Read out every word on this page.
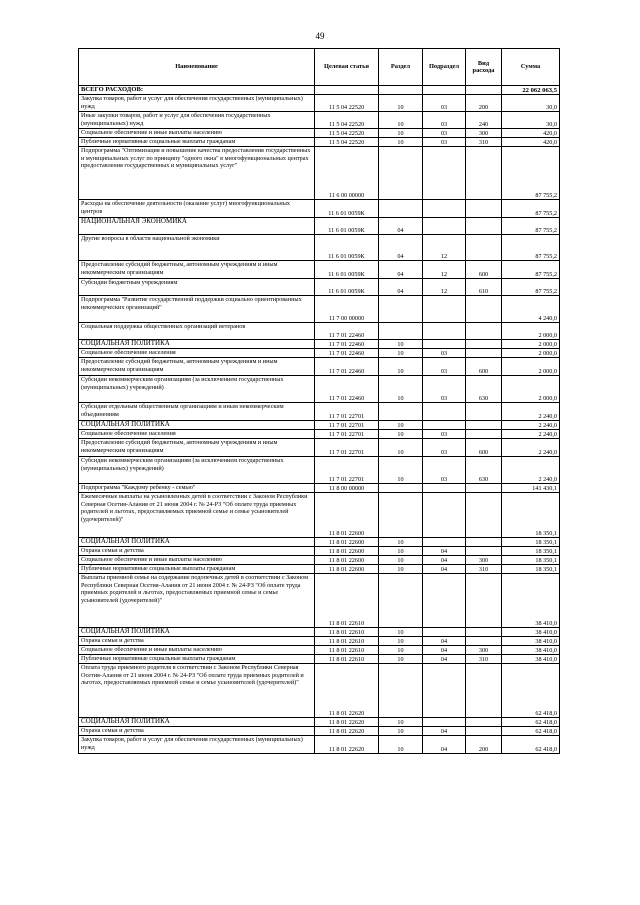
49
Наименование	Целевая статья	Раздел	Подраздел	Вид расхода	Сумма
ВСЕГО РАСХОДОВ:					22 062 063,5
Закупка товаров, работ и услуг для обеспечения государственных (муниципальных) нужд	11 5 04 22520	10	03	200	30,0
Иные закупки товаров, работ и услуг для обеспечения государственных (муниципальных) нужд	11 5 04 22520	10	03	240	30,0
Социальное обеспечение и иные выплаты населению	11 5 04 22520	10	03	300	420,0
Публичные нормативные социальные выплаты гражданам	11 5 04 22520	10	03	310	420,0
Подпрограмма "Оптимизация и повышение качества предоставления государственных и муниципальных услуг по принципу "одного окна" в многофункциональных центрах предоставления государственных и муниципальных услуг"	11 6 00 00000				87 755,2
Расходы на обеспечение деятельности (оказание услуг) многофункциональных центров	11 6 01 0059К				87 755,2
НАЦИОНАЛЬНАЯ ЭКОНОМИКА	11 6 01 0059К	04			87 755,2
Другие вопросы в области национальной экономики	11 6 01 0059К	04	12		87 755,2
Предоставление субсидий бюджетным, автономным учреждениям и иным некоммерческим организациям	11 6 01 0059К	04	12	600	87 755,2
Субсидии бюджетным учреждениям	11 6 01 0059К	04	12	610	87 755,2
Подпрограмма "Развитие государственной поддержки социально ориентированных некоммерческих организаций"	11 7 00 00000				4 240,0
Социальная поддержка общественных организаций ветеранов	11 7 01 22460				2 000,0
СОЦИАЛЬНАЯ ПОЛИТИКА	11 7 01 22460	10			2 000,0
Социальное обеспечение населения	11 7 01 22460	10	03		2 000,0
Предоставление субсидий бюджетным, автономным учреждениям и иным некоммерческим организациям	11 7 01 22460	10	03	600	2 000,0
Субсидии некоммерческим организациям (за исключением государственных (муниципальных) учреждений)	11 7 01 22460	10	03	630	2 000,0
Субсидии отдельным общественным организациям и иным некоммерческим объединениям	11 7 01 22701				2 240,0
СОЦИАЛЬНАЯ ПОЛИТИКА	11 7 01 22701	10			2 240,0
Социальное обеспечение населения	11 7 01 22701	10	03		2 240,0
Предоставление субсидий бюджетным, автономным учреждениям и иным некоммерческим организациям	11 7 01 22701	10	03	600	2 240,0
Субсидии некоммерческим организациям (за исключением государственных (муниципальных) учреждений)	11 7 01 22701	10	03	630	2 240,0
Подпрограмма "Каждому ребенку - семью"	11 8 00 00000				141 430,1
Ежемесячные выплаты на усыновленных детей в соответствии с Законом Республики Северная Осетия-Алания от 21 июня 2004 г. № 24-РЗ "Об оплате труда приемных родителей и льготах, предоставляемых приемной семье и семье усыновителей (удочерителей)"	11 8 01 22600				18 350,1
СОЦИАЛЬНАЯ ПОЛИТИКА	11 8 01 22600	10			18 350,1
Охрана семьи и детства	11 8 01 22600	10	04		18 350,1
Социальное обеспечение и иные выплаты населению	11 8 01 22600	10	04	300	18 350,1
Публичные нормативные социальные выплаты гражданам	11 8 01 22600	10	04	310	18 350,1
Выплаты приемной семье на содержание подопечных детей в соответствии с Законом Республики Северная Осетия-Алания от 21 июня 2004 г. № 24-РЗ "Об оплате труда приемных родителей и льготах, предоставляемых приемной семье и семье усыновителей (удочерителей)"	11 8 01 22610				38 410,0
СОЦИАЛЬНАЯ ПОЛИТИКА	11 8 01 22610	10			38 410,0
Охрана семьи и детства	11 8 01 22610	10	04		38 410,0
Социальное обеспечение и иные выплаты населению	11 8 01 22610	10	04	300	38 410,0
Публичные нормативные социальные выплаты гражданам	11 8 01 22610	10	04	310	38 410,0
Оплата труда приемного родителя в соответствии с Законом Республики Северная Осетия-Алания от 21 июня 2004 г. № 24-РЗ "Об оплате труда приемных родителей и льготах, предоставляемых приемной семье и семье усыновителей (удочерителей)"	11 8 01 22620				62 418,0
СОЦИАЛЬНАЯ ПОЛИТИКА	11 8 01 22620	10			62 418,0
Охрана семьи и детства	11 8 01 22620	10	04		62 418,0
Закупка товаров, работ и услуг для обеспечения государственных (муниципальных) нужд	11 8 01 22620	10	04	200	62 418,0
